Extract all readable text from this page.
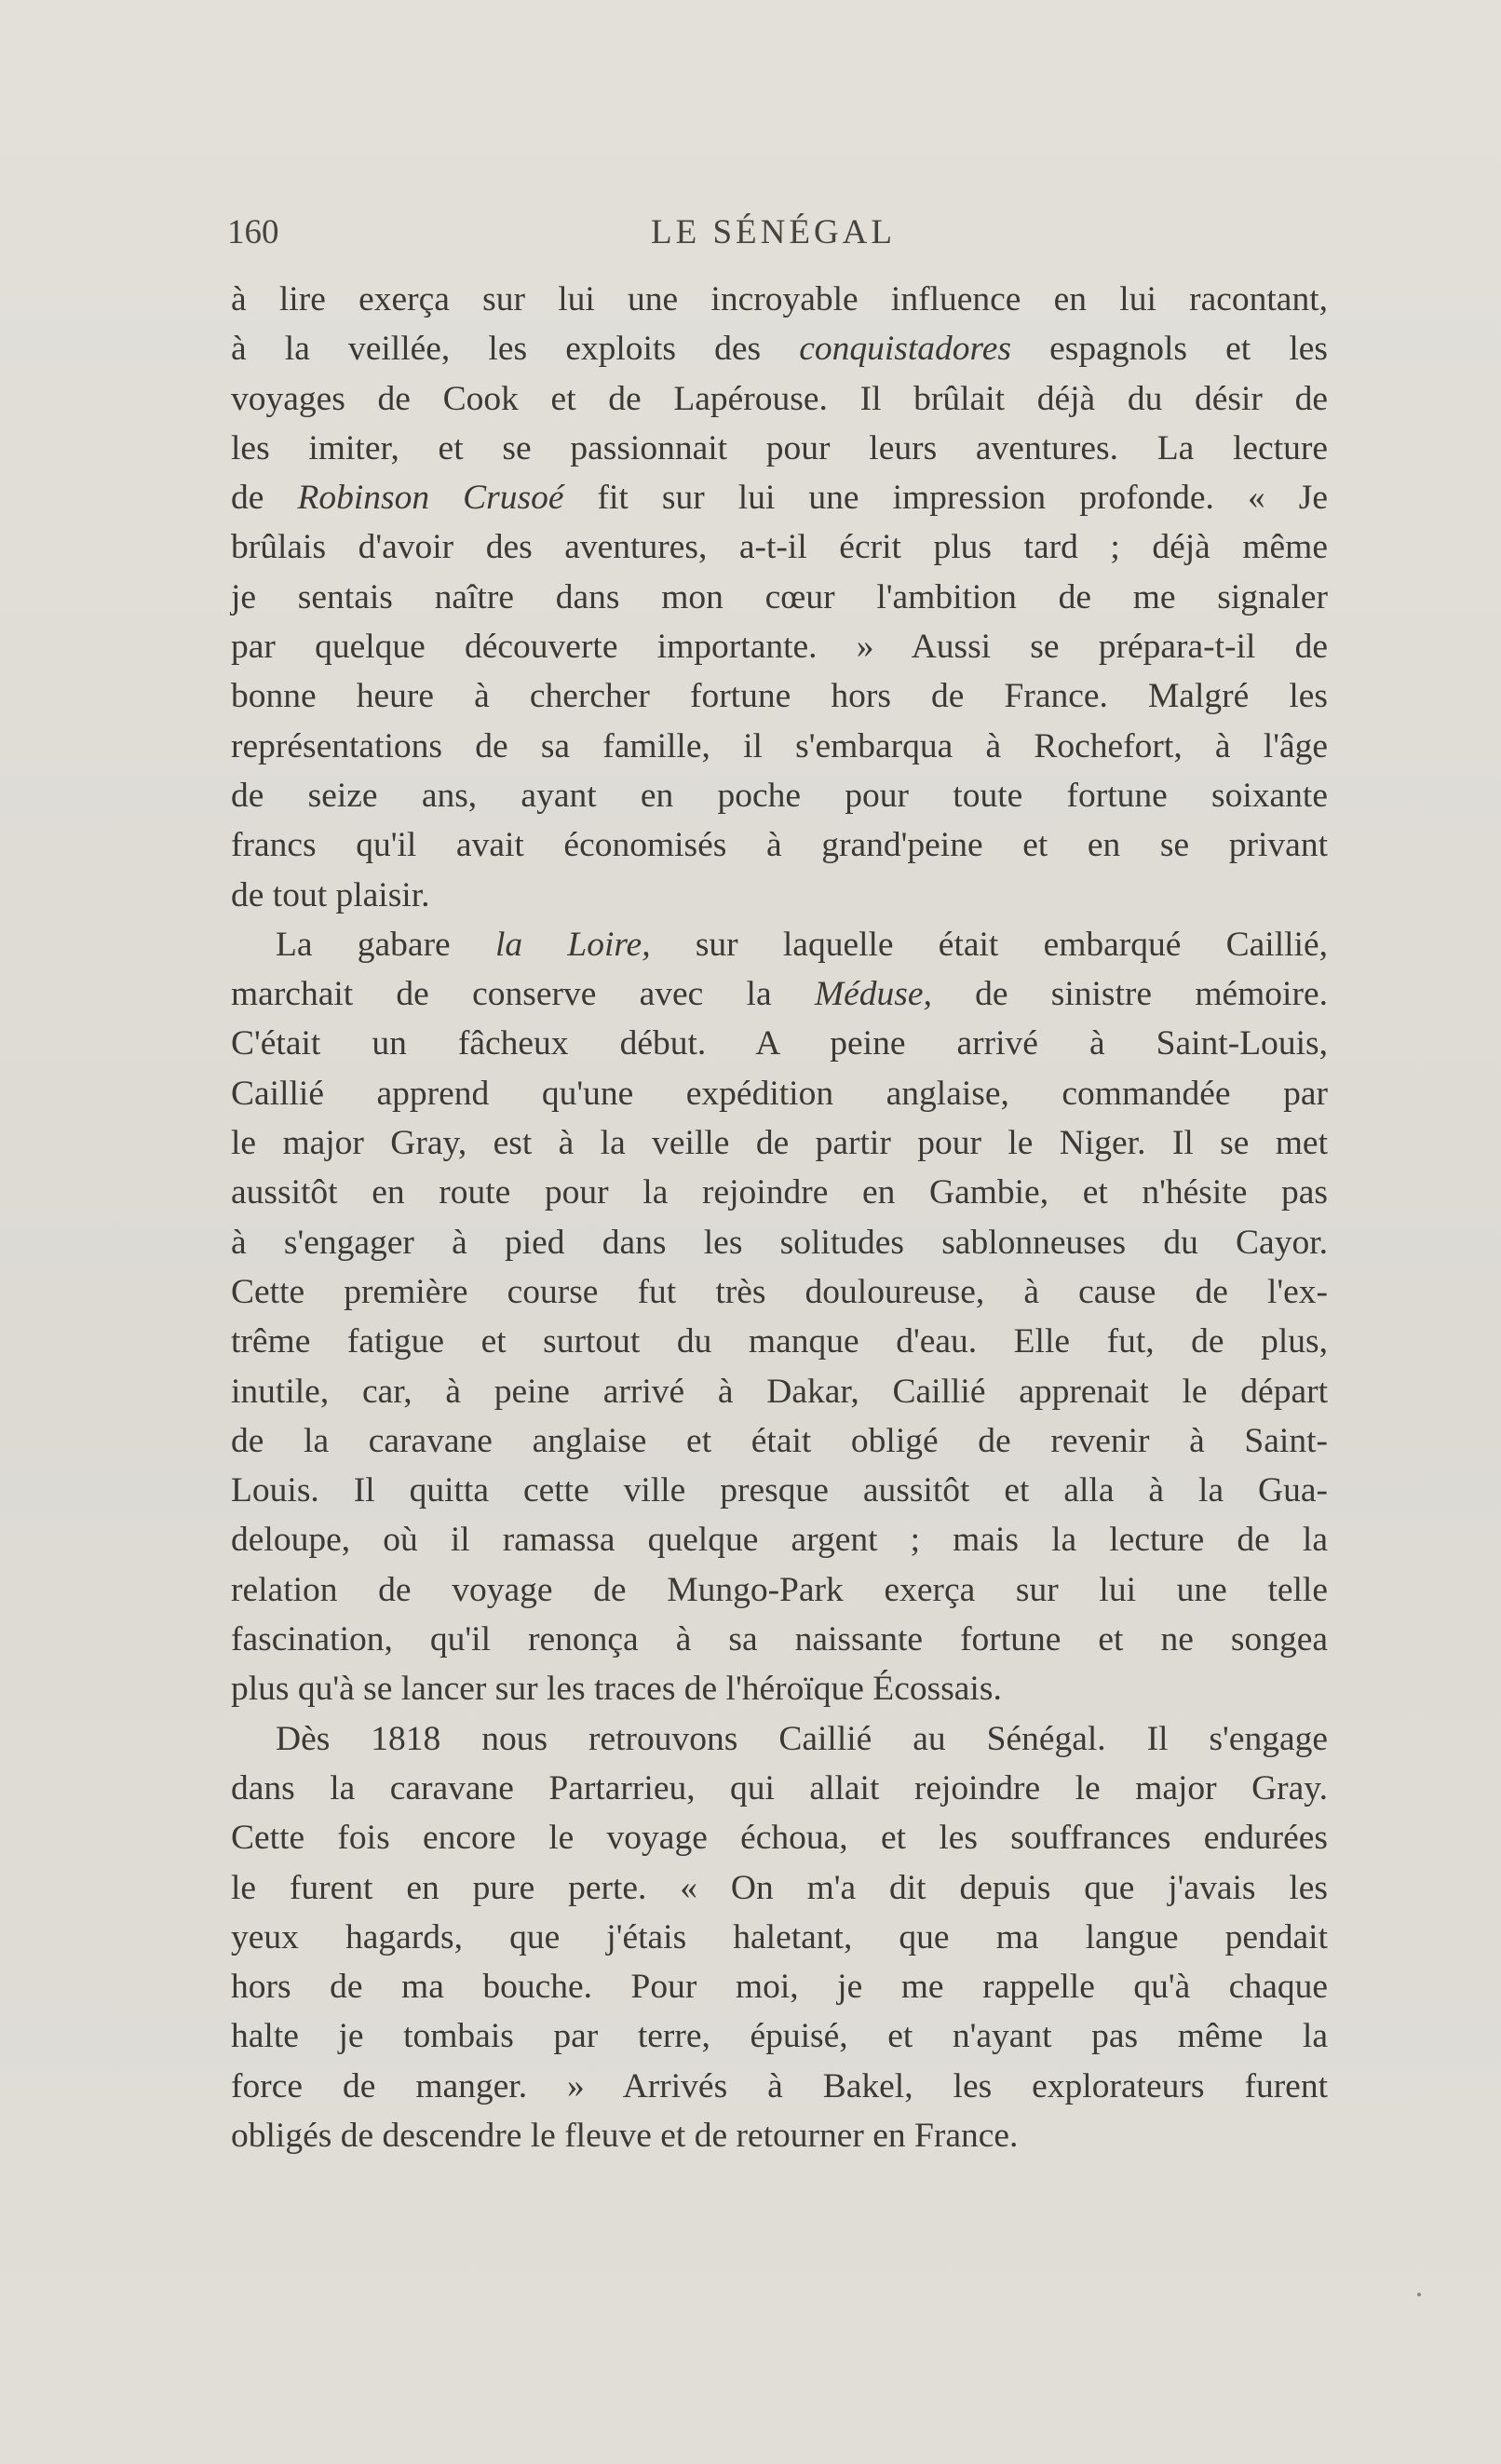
160	LE SÉNÉGAL
à lire exerça sur lui une incroyable influence en lui racontant,
à la veillée, les exploits des conquistadores espagnols et les
voyages de Cook et de Lapérouse. Il brûlait déjà du désir de
les imiter, et se passionnait pour leurs aventures. La lecture
de Robinson Crusoé fit sur lui une impression profonde. « Je
brûlais d'avoir des aventures, a-t-il écrit plus tard ; déjà même
je sentais naître dans mon cœur l'ambition de me signaler
par quelque découverte importante. » Aussi se prépara-t-il de
bonne heure à chercher fortune hors de France. Malgré les
représentations de sa famille, il s'embarqua à Rochefort, à l'âge
de seize ans, ayant en poche pour toute fortune soixante
francs qu'il avait économisés à grand'peine et en se privant
de tout plaisir.
La gabare la Loire, sur laquelle était embarqué Caillié,
marchait de conserve avec la Méduse, de sinistre mémoire.
C'était un fâcheux début. A peine arrivé à Saint-Louis,
Caillié apprend qu'une expédition anglaise, commandée par
le major Gray, est à la veille de partir pour le Niger. Il se met
aussitôt en route pour la rejoindre en Gambie, et n'hésite pas
à s'engager à pied dans les solitudes sablonneuses du Cayor.
Cette première course fut très douloureuse, à cause de l'ex-
trême fatigue et surtout du manque d'eau. Elle fut, de plus,
inutile, car, à peine arrivé à Dakar, Caillié apprenait le départ
de la caravane anglaise et était obligé de revenir à Saint-
Louis. Il quitta cette ville presque aussitôt et alla à la Gua-
deloupe, où il ramassa quelque argent ; mais la lecture de la
relation de voyage de Mungo-Park exerça sur lui une telle
fascination, qu'il renonça à sa naissante fortune et ne songea
plus qu'à se lancer sur les traces de l'héroïque Écossais.
Dès 1818 nous retrouvons Caillié au Sénégal. Il s'engage
dans la caravane Partarrieu, qui allait rejoindre le major Gray.
Cette fois encore le voyage échoua, et les souffrances endurées
le furent en pure perte. « On m'a dit depuis que j'avais les
yeux hagards, que j'étais haletant, que ma langue pendait
hors de ma bouche. Pour moi, je me rappelle qu'à chaque
halte je tombais par terre, épuisé, et n'ayant pas même la
force de manger. » Arrivés à Bakel, les explorateurs furent
obligés de descendre le fleuve et de retourner en France.
